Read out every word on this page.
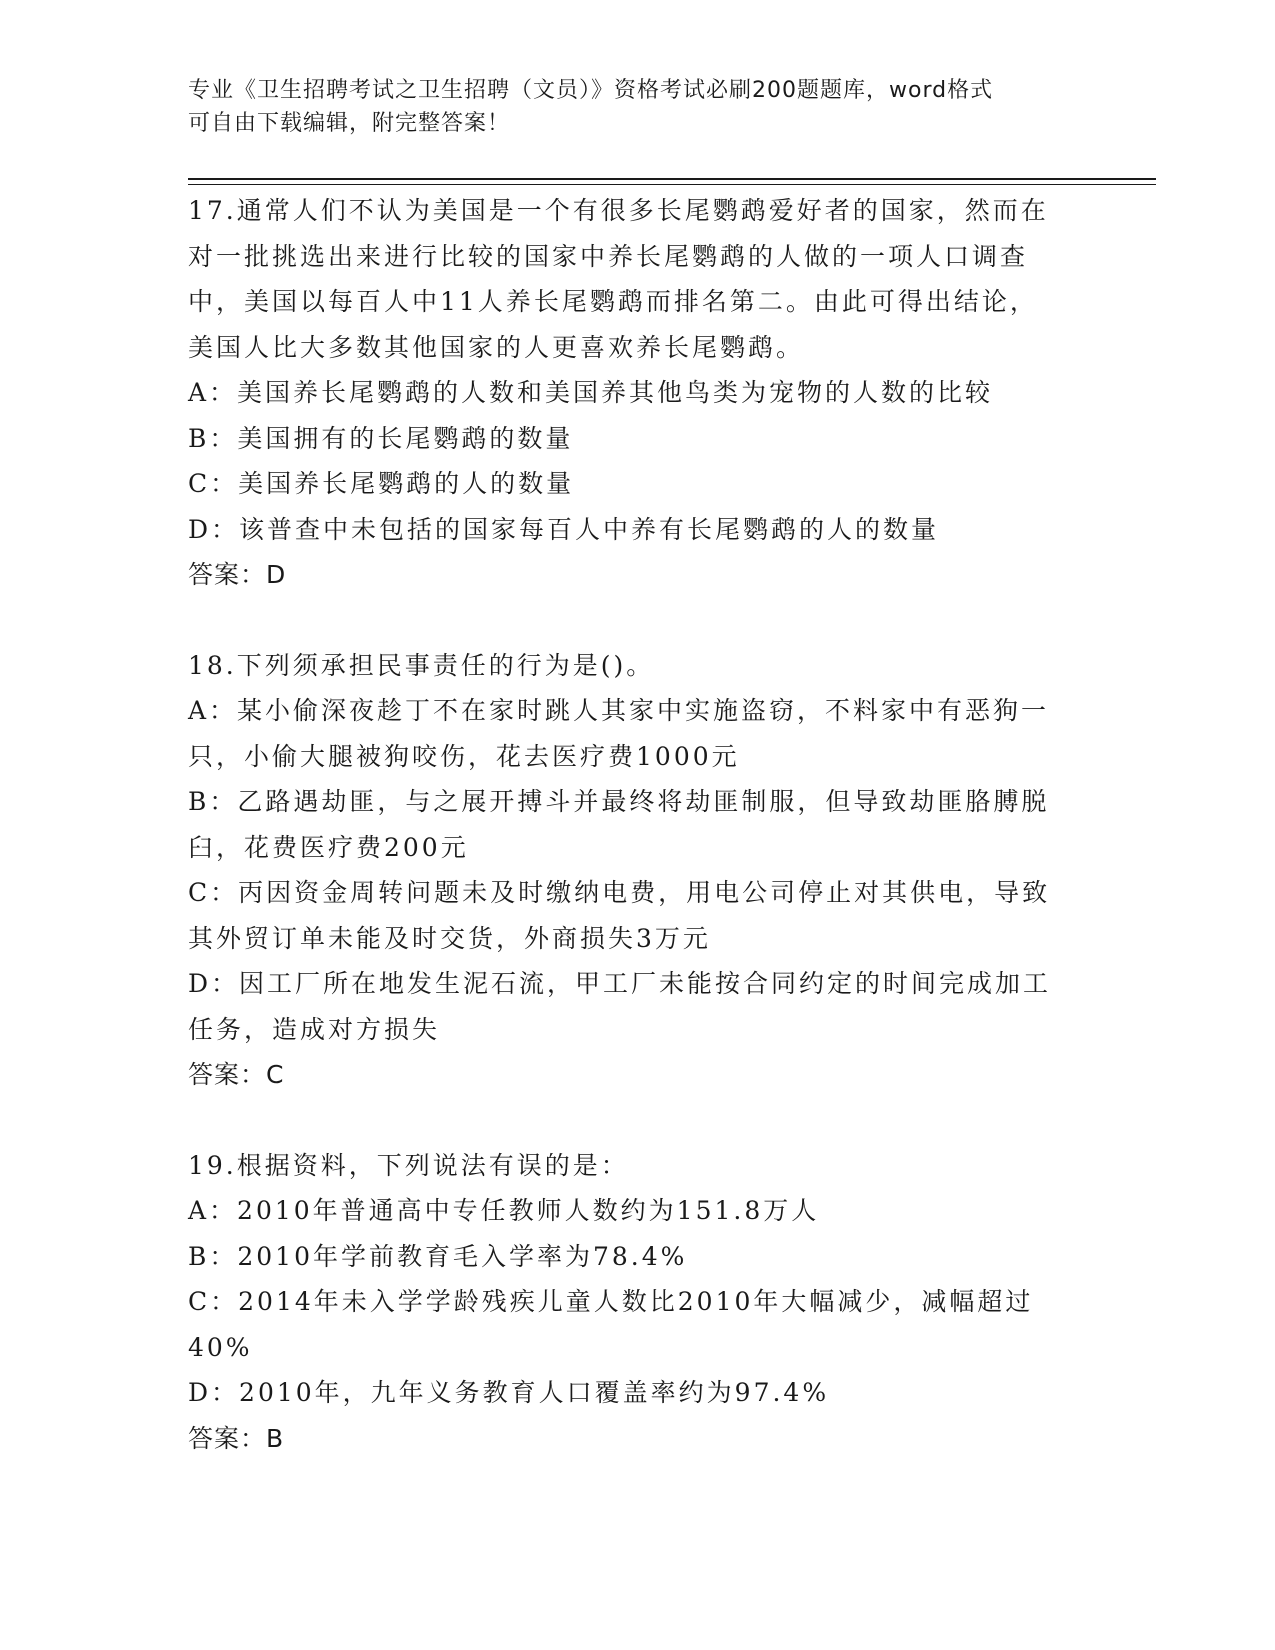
专业《卫生招聘考试之卫生招聘（文员）》资格考试必刷200题题库，word格式
可自由下载编辑，附完整答案！
17.通常人们不认为美国是一个有很多长尾鹦鹉爱好者的国家，然而在
对一批挑选出来进行比较的国家中养长尾鹦鹉的人做的一项人口调查
中，美国以每百人中11人养长尾鹦鹉而排名第二。由此可得出结论，
美国人比大多数其他国家的人更喜欢养长尾鹦鹉。
A：美国养长尾鹦鹉的人数和美国养其他鸟类为宠物的人数的比较
B：美国拥有的长尾鹦鹉的数量
C：美国养长尾鹦鹉的人的数量
D：该普查中未包括的国家每百人中养有长尾鹦鹉的人的数量
答案：D
18.下列须承担民事责任的行为是()。
A：某小偷深夜趁丁不在家时跳人其家中实施盗窃，不料家中有恶狗一
只，小偷大腿被狗咬伤，花去医疗费1000元
B：乙路遇劫匪，与之展开搏斗并最终将劫匪制服，但导致劫匪胳膊脱
臼，花费医疗费200元
C：丙因资金周转问题未及时缴纳电费，用电公司停止对其供电，导致
其外贸订单未能及时交货，外商损失3万元
D：因工厂所在地发生泥石流，甲工厂未能按合同约定的时间完成加工
任务，造成对方损失
答案：C
19.根据资料，下列说法有误的是：
A：2010年普通高中专任教师人数约为151.8万人
B：2010年学前教育毛入学率为78.4%
C：2014年未入学学龄残疾儿童人数比2010年大幅减少，减幅超过
40%
D：2010年，九年义务教育人口覆盖率约为97.4%
答案：B
